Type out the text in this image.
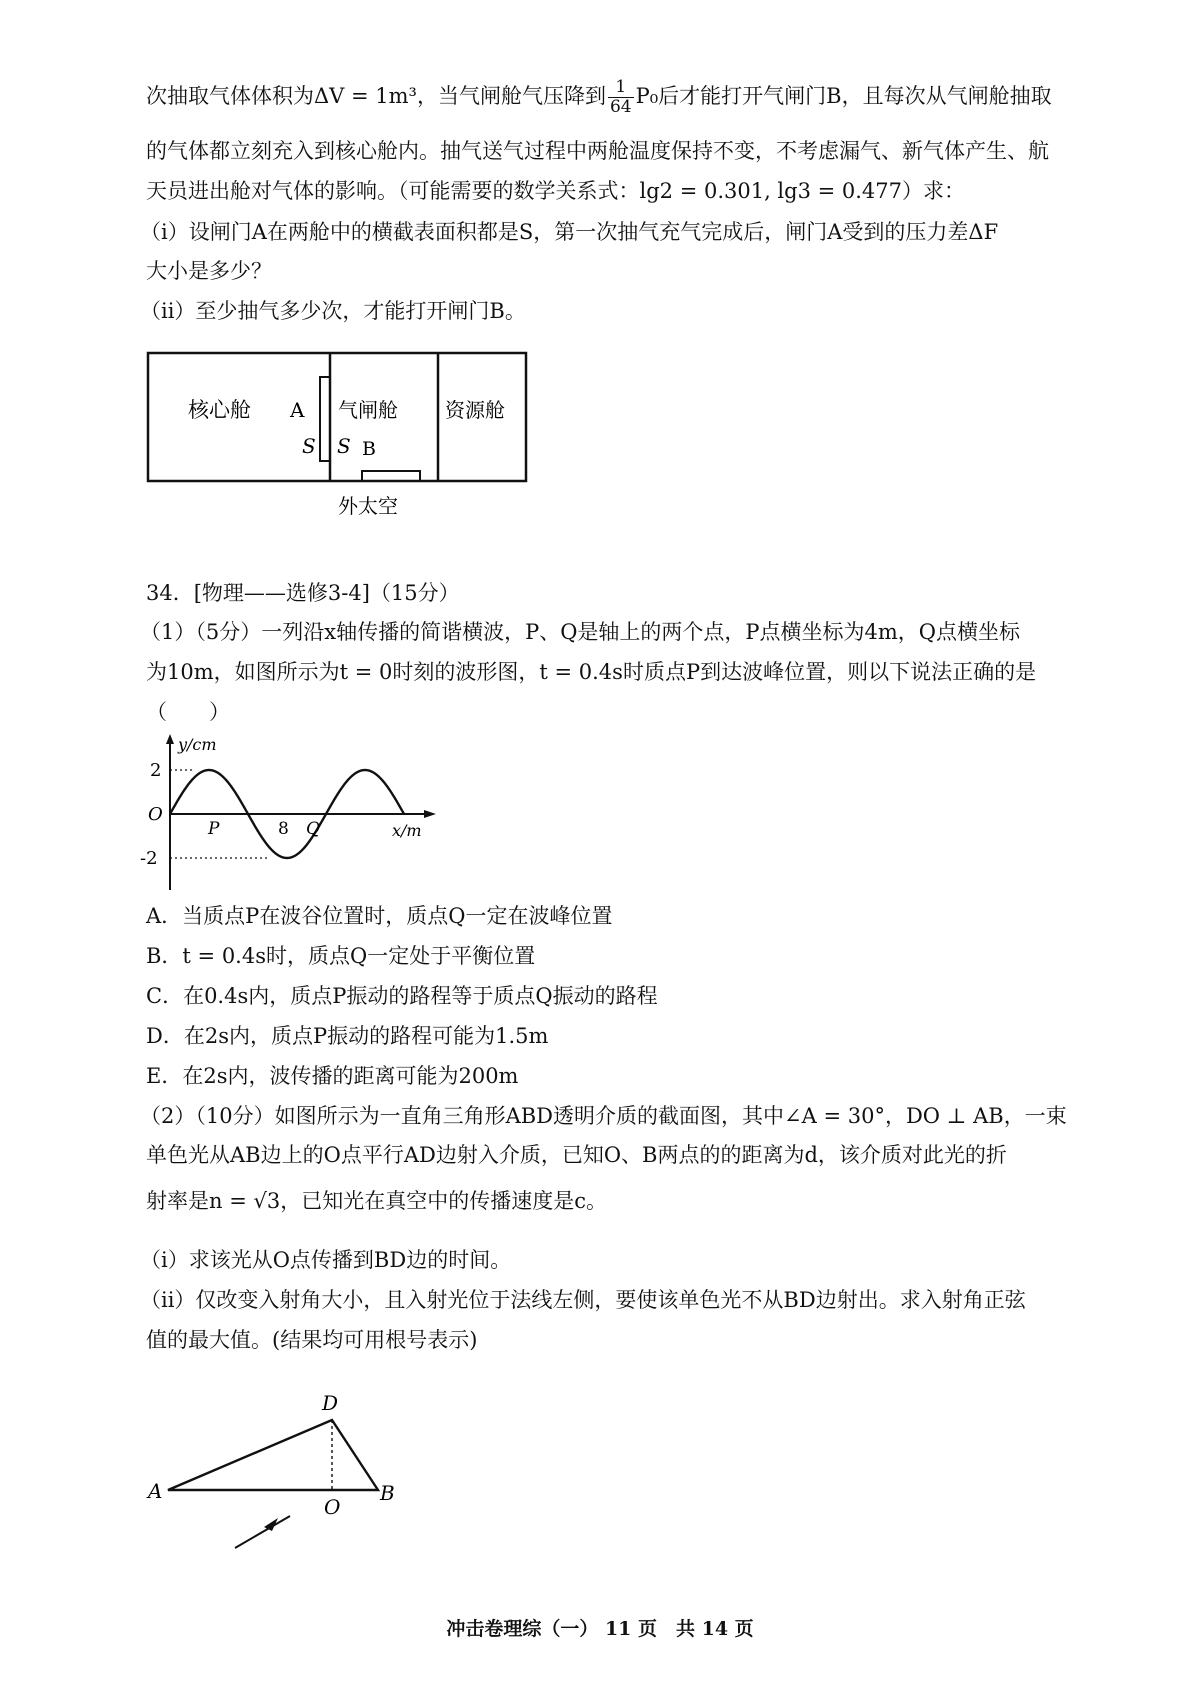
次抽取气体体积为ΔV = 1m³，当气闸舱气压降到 $\frac{1}{64} P_0$后才能打开气闸门B，且每次从气闸舱抽取
的气体都立刻充入到核心舱内。抽气送气过程中两舱温度保持不变，不考虑漏气、新气体产生、航
天员进出舱对气体的影响。（可能需要的数学关系式：lg2 = 0.301, lg3 = 0.477）求：
（i）设闸门A在两舱中的横截表面积都是S，第一次抽气充气完成后，闸门A受到的压力差ΔF
大小是多少？
（ii）至少抽气多少次，才能打开闸门B。
核心舱 A
S S
气闸舱
B
资源舱
外太空
34．[物理——选修3-4]（15分）
（1）（5分）一列沿x轴传播的简谐横波，P、Q是轴上的两个点，P点横坐标为4m，Q点横坐标
为10m，如图所示为t = 0时刻的波形图，t = 0.4s时质点P到达波峰位置，则以下说法正确的是
（　　）
y/cm
x/m
O
2
-2
P	8 Q
A．当质点P在波谷位置时，质点Q一定在波峰位置
B．t = 0.4s时，质点Q一定处于平衡位置
C．在0.4s内，质点P振动的路程等于质点Q振动的路程
D．在2s内，质点P振动的路程可能为1.5m
E．在2s内，波传播的距离可能为200m
（2）（10分）如图所示为一直角三角形ABD透明介质的截面图，其中∠A = 30°，DO ⊥ AB，一束
单色光从AB边上的O点平行AD边射入介质，已知O、B两点的的距离为d，该介质对此光的折
射率是n = √3，已知光在真空中的传播速度是c。
（i）求该光从O点传播到BD边的时间。
（ii）仅改变入射角大小，且入射光位于法线左侧，要使该单色光不从BD边射出。求入射角正弦
值的最大值。(结果均可用根号表示)
D
A
O
B
冲击卷理综（一） 11 页　共 14 页
